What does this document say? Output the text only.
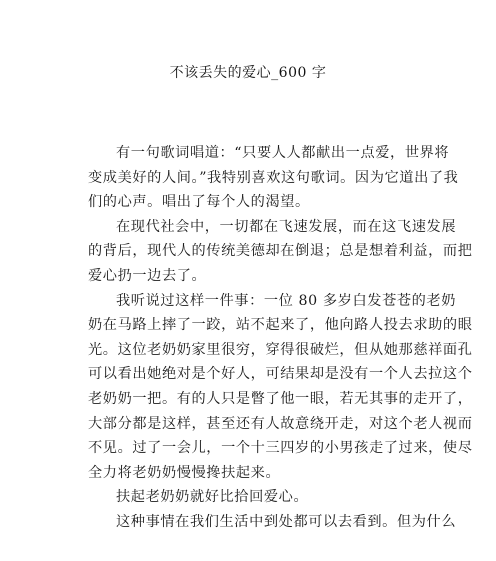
不该丢失的爱心_600 字
有一句歌词唱道：“只要人人都献出一点爱，世界将
变成美好的人间。”我特别喜欢这句歌词。因为它道出了我
们的心声。唱出了每个人的渴望。
在现代社会中，一切都在飞速发展，而在这飞速发展
的背后，现代人的传统美德却在倒退；总是想着利益，而把
爱心扔一边去了。
我听说过这样一件事：一位 80 多岁白发苍苍的老奶
奶在马路上摔了一跤，站不起来了，他向路人投去求助的眼
光。这位老奶奶家里很穷，穿得很破烂，但从她那慈祥面孔
可以看出她绝对是个好人，可结果却是没有一个人去拉这个
老奶奶一把。有的人只是瞥了他一眼，若无其事的走开了，
大部分都是这样，甚至还有人故意绕开走，对这个老人视而
不见。过了一会儿，一个十三四岁的小男孩走了过来，使尽
全力将老奶奶慢慢搀扶起来。
扶起老奶奶就好比拾回爱心。
这种事情在我们生活中到处都可以去看到。但为什么
